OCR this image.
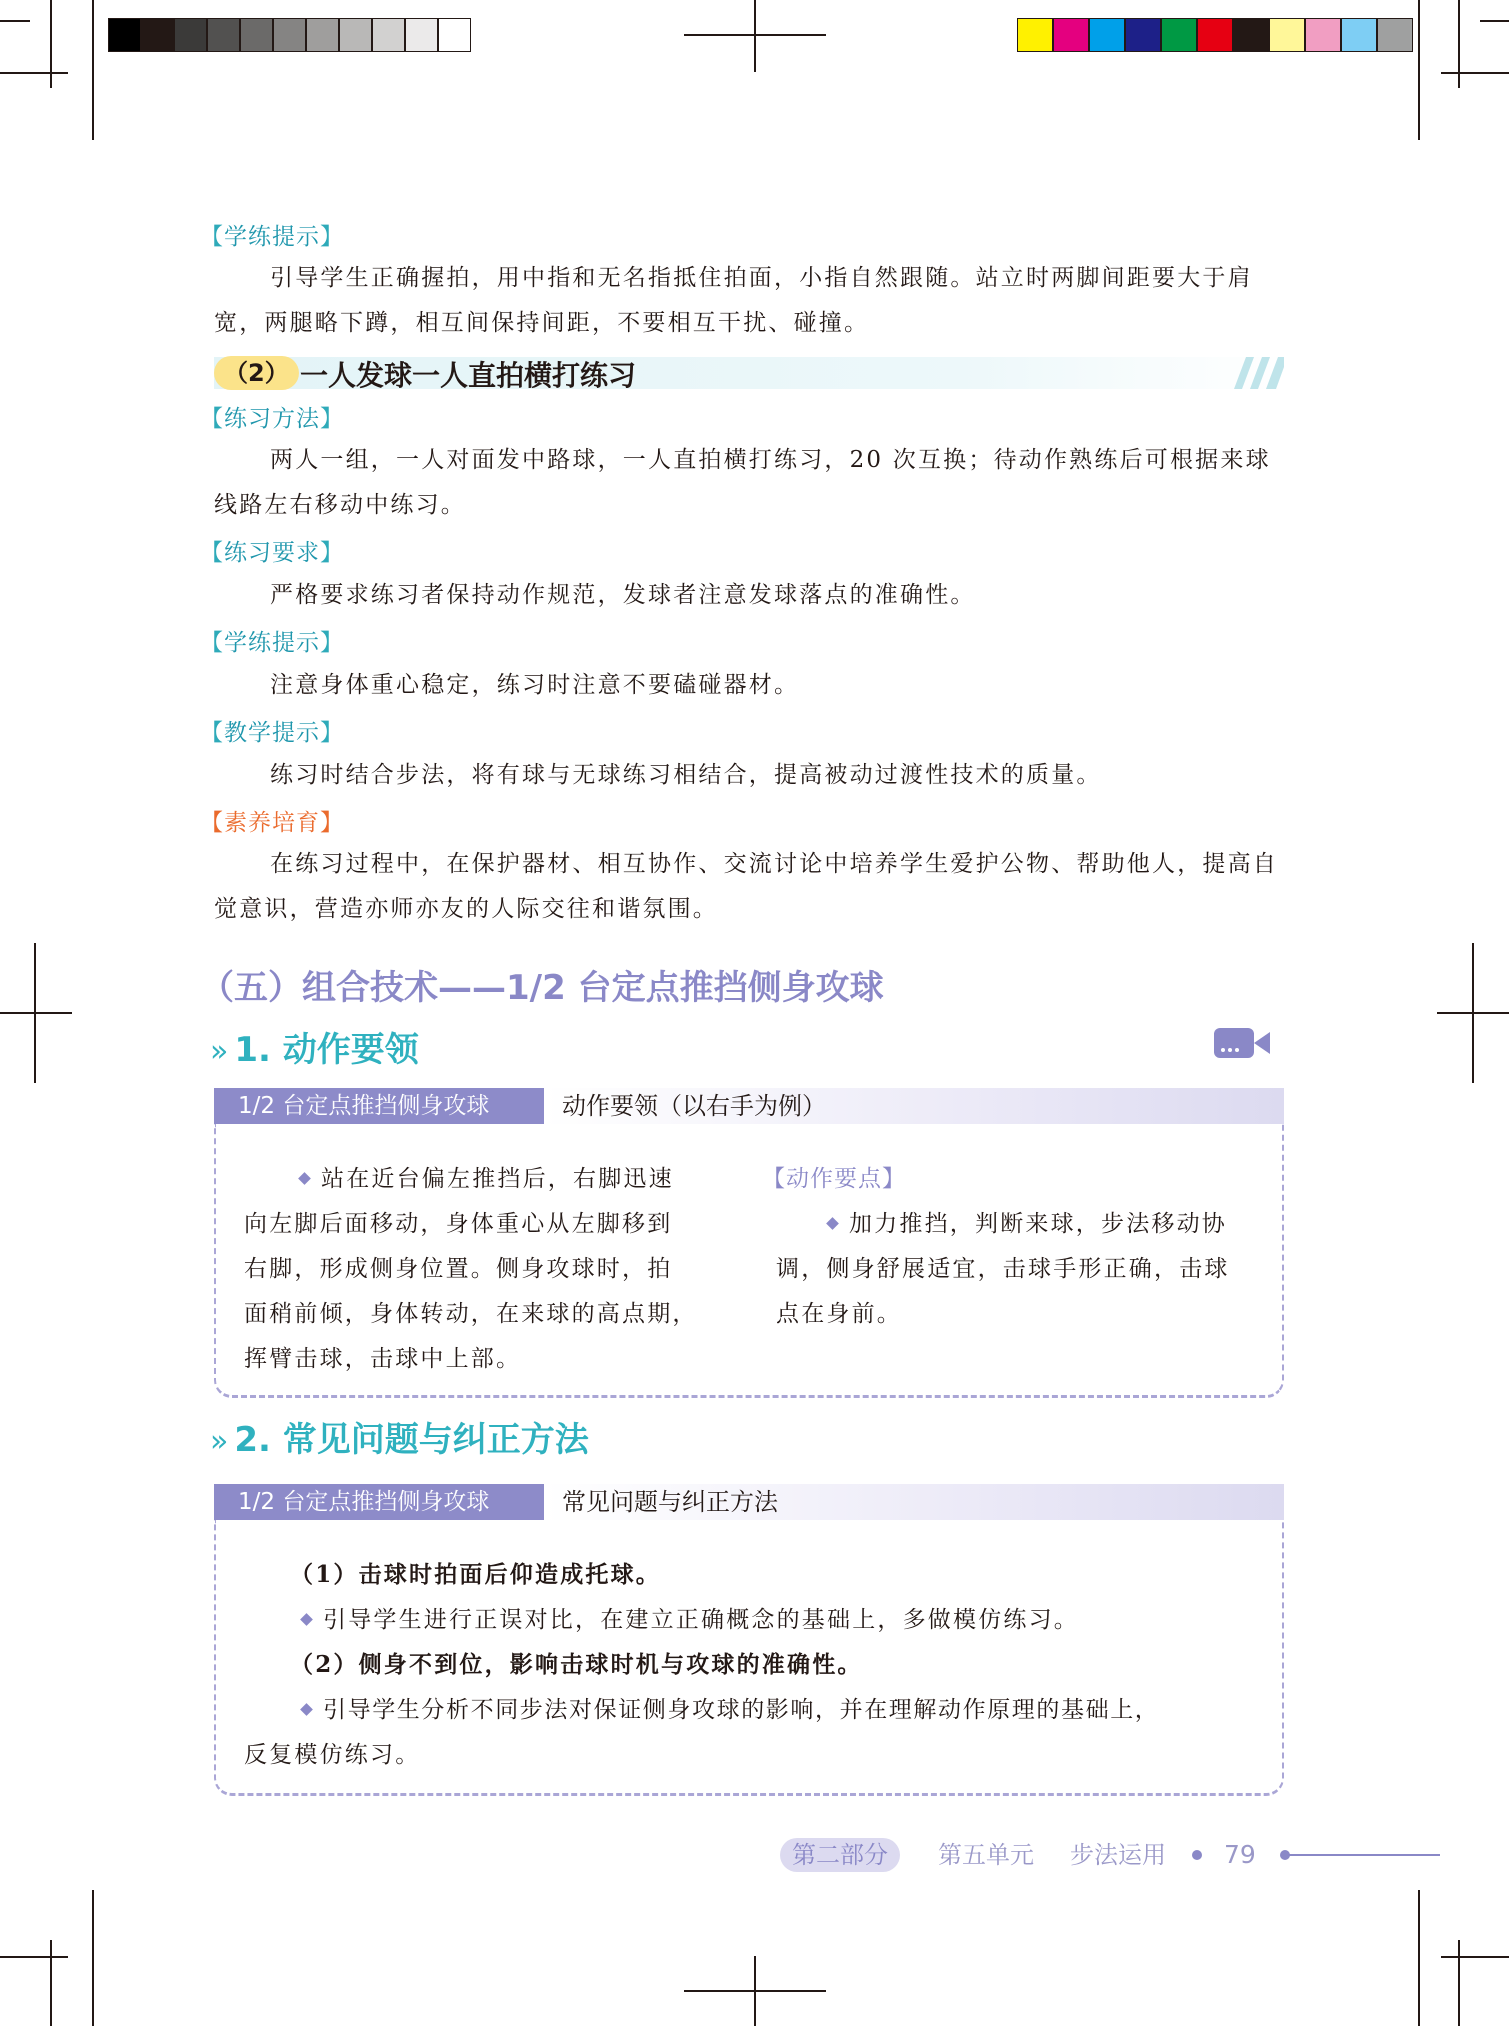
【学练提示】

引导学生正确握拍，用中指和无名指抵住拍面，小指自然跟随。站立时两脚间距要大于肩宽，两腿略下蹲，相互间保持间距，不要相互干扰、碰撞。

（2） 一人发球一人直拍横打练习
【练习方法】

两人一组，一人对面发中路球，一人直拍横打练习，20 次互换；待动作熟练后可根据来球线路左右移动中练习。

【练习要求】

严格要求练习者保持动作规范，发球者注意发球落点的准确性。

【学练提示】

注意身体重心稳定，练习时注意不要磕碰器材。

【教学提示】

练习时结合步法，将有球与无球练习相结合，提高被动过渡性技术的质量。

【素养培育】

在练习过程中，在保护器材、相互协作、交流讨论中培养学生爱护公物、帮助他人，提高自觉意识，营造亦师亦友的人际交往和谐氛围。

（五）组合技术——1/2 台定点推挡侧身攻球
» 1. 动作要领
1/2 台定点推挡侧身攻球	动作要领（以右手为例）
站在近台偏左推挡后，右脚迅速
向左脚后面移动，身体重心从左脚移到
右脚，形成侧身位置。侧身攻球时，拍
面稍前倾，身体转动，在来球的高点期，
挥臂击球，击球中上部。
【动作要点】
加力推挡，判断来球，步法移动协
调，侧身舒展适宜，击球手形正确，击球
点在身前。
» 2. 常见问题与纠正方法
1/2 台定点推挡侧身攻球	常见问题与纠正方法
（1）击球时拍面后仰造成托球。
引导学生进行正误对比，在建立正确概念的基础上，多做模仿练习。
（2）侧身不到位，影响击球时机与攻球的准确性。
引导学生分析不同步法对保证侧身攻球的影响，并在理解动作原理的基础上，
反复模仿练习。
第二部分	第五单元 步法运用 79
